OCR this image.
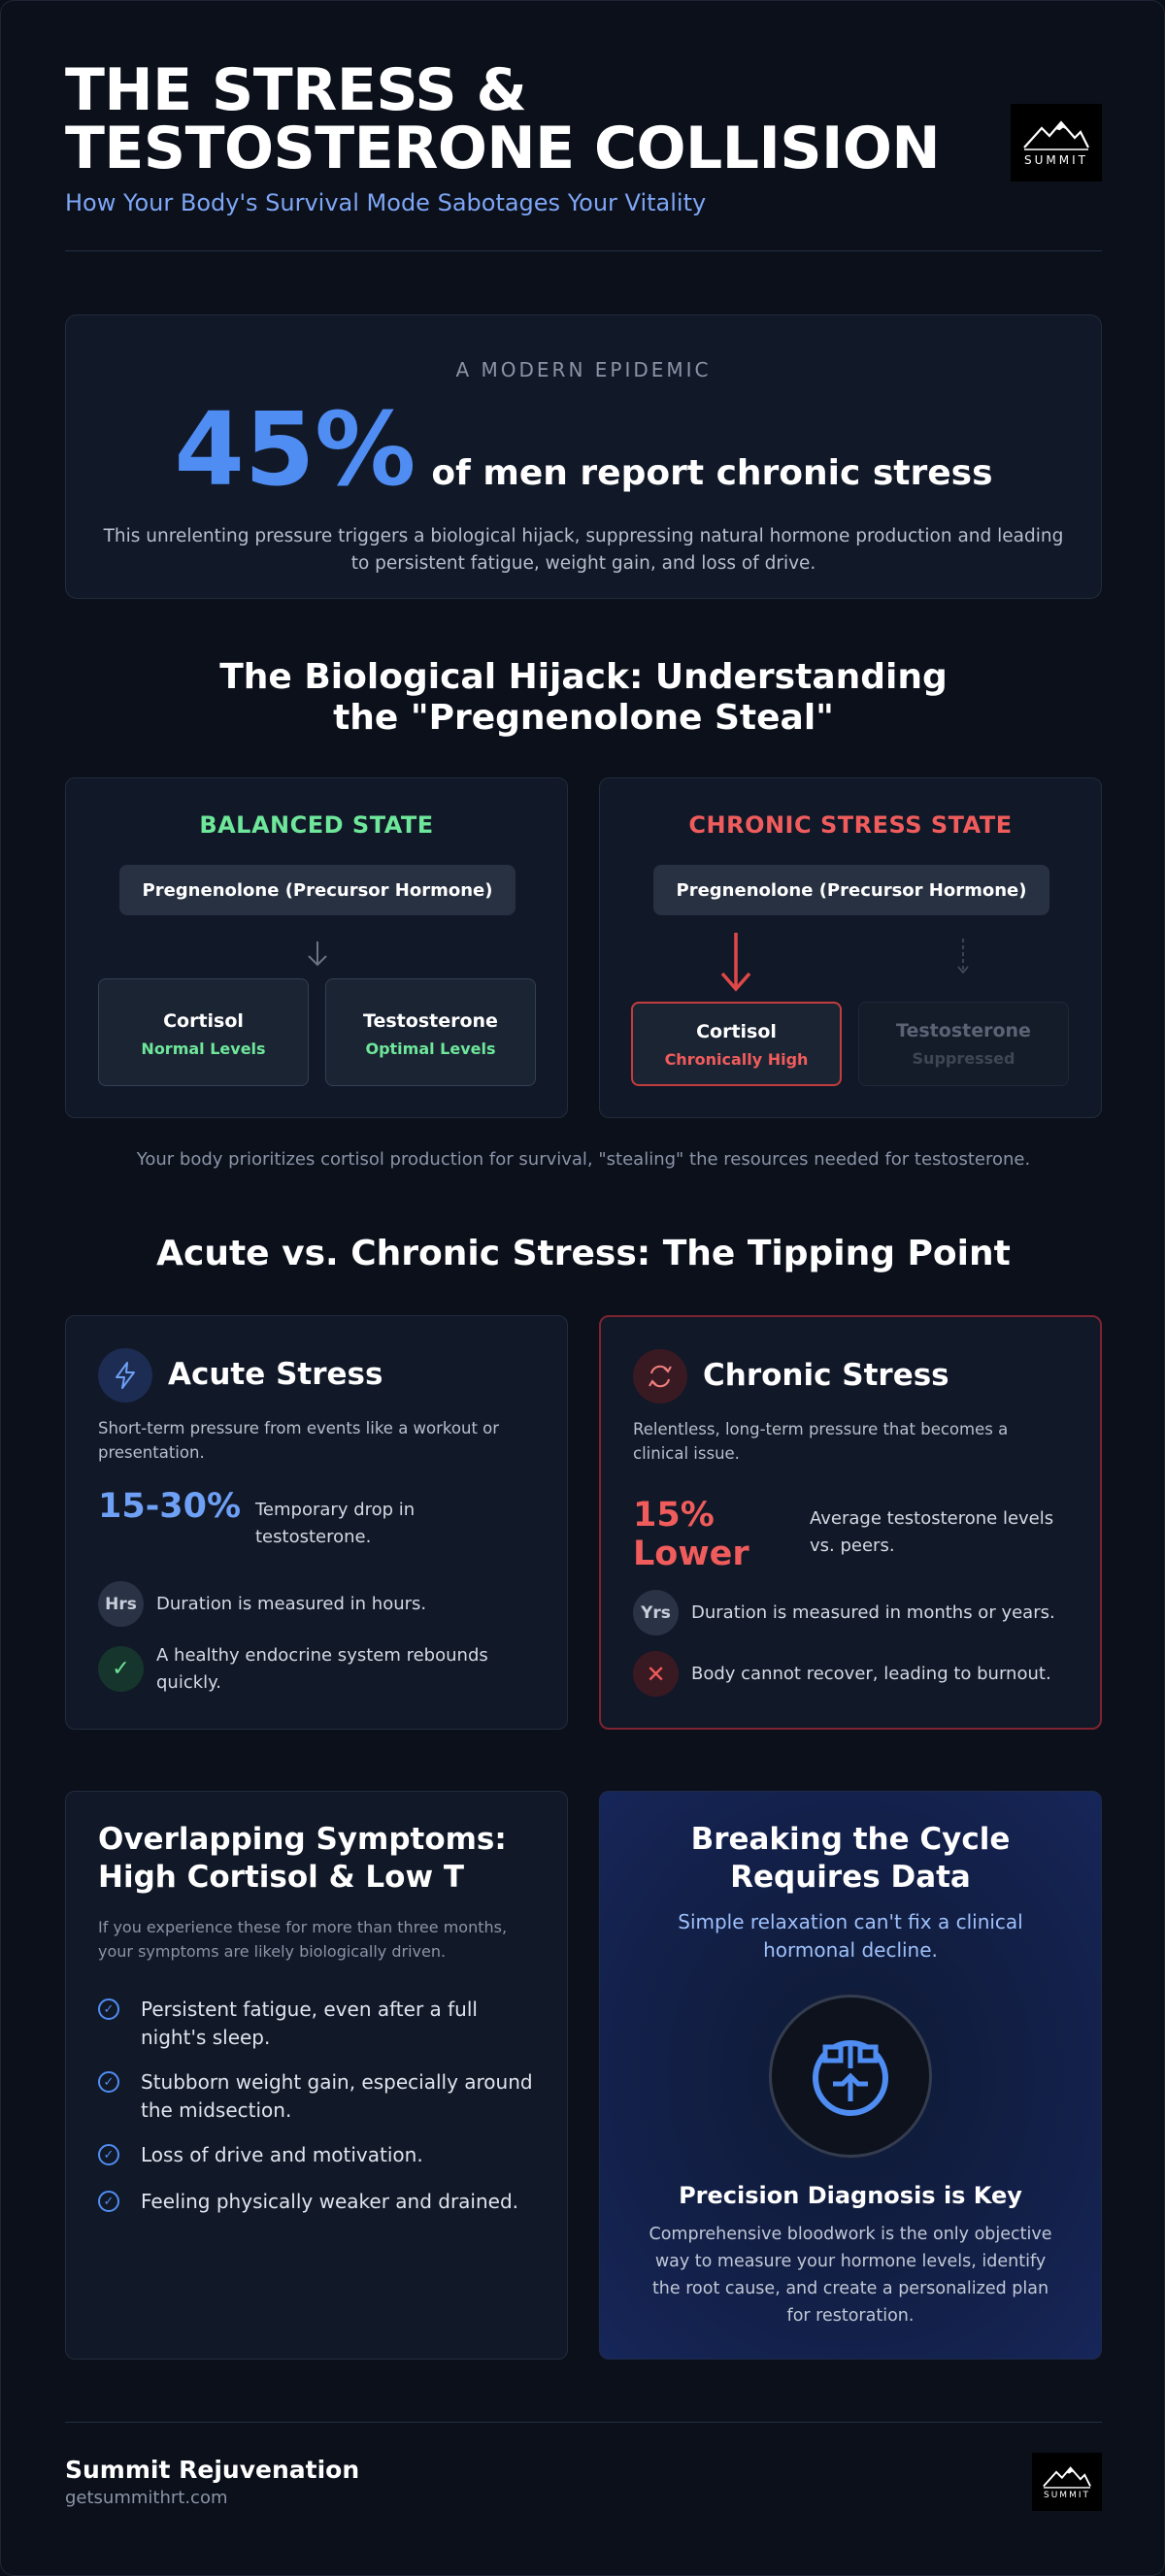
THE STRESS & TESTOSTERONE COLLISION
How Your Body's Survival Mode Sabotages Your Vitality
SUMMIT
A MODERN EPIDEMIC
45% of men report chronic stress
This unrelenting pressure triggers a biological hijack, suppressing natural hormone production and leading to persistent fatigue, weight gain, and loss of drive.
The Biological Hijack: Understanding the "Pregnenolone Steal"
BALANCED STATE
Pregnenolone (Precursor Hormone)
Cortisol
Normal Levels
Testosterone
Optimal Levels
CHRONIC STRESS STATE
Pregnenolone (Precursor Hormone)
Cortisol
Chronically High
Testosterone
Suppressed
Your body prioritizes cortisol production for survival, "stealing" the resources needed for testosterone.
Acute vs. Chronic Stress: The Tipping Point
Acute Stress
Short-term pressure from events like a workout or presentation.
15-30% Temporary drop in testosterone.
Hrs	Duration is measured in hours.
✓
A healthy endocrine system rebounds quickly.
Chronic Stress
Relentless, long-term pressure that becomes a clinical issue.
15% Lower
Average testosterone levels vs. peers.
Yrs	Duration is measured in months or years.
✕	Body cannot recover, leading to burnout.
Overlapping Symptoms: High Cortisol & Low T
If you experience these for more than three months, your symptoms are likely biologically driven.
✓ Persistent fatigue, even after a full night's sleep.
✓ Stubborn weight gain, especially around the midsection.
✓ Loss of drive and motivation.
✓ Feeling physically weaker and drained.
Breaking the Cycle Requires Data
Simple relaxation can't fix a clinical hormonal decline.
Precision Diagnosis is Key
Comprehensive bloodwork is the only objective way to measure your hormone levels, identify the root cause, and create a personalized plan for restoration.
Summit Rejuvenation
getsummithrt.com	SUMMIT
